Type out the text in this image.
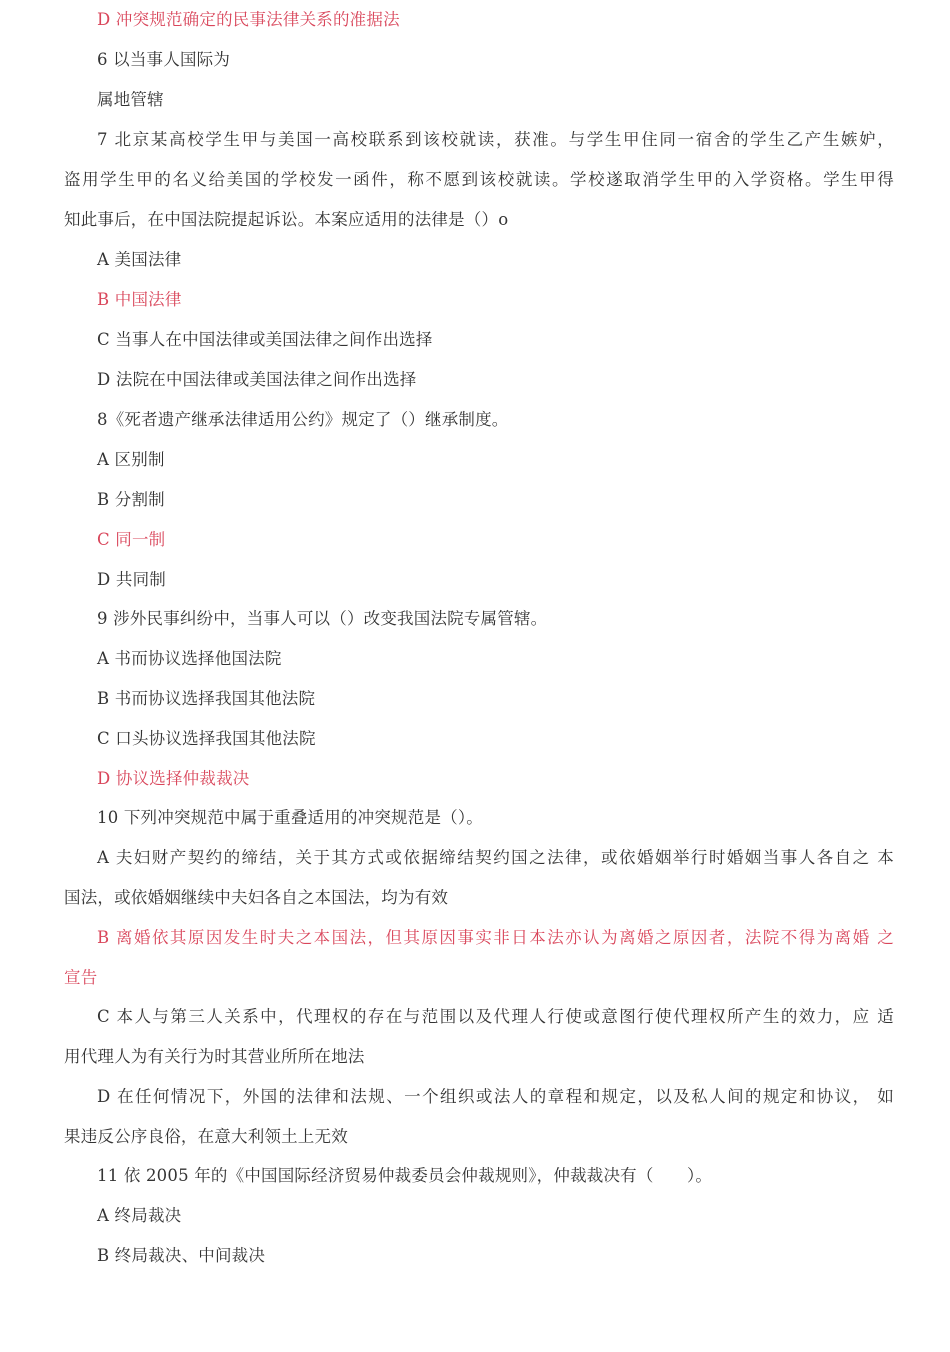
D 冲突规范确定的民事法律关系的准据法
6 以当事人国际为
属地管辖
7 北京某高校学生甲与美国一高校联系到该校就读，获准。与学生甲住同一宿舍的学生乙产生嫉妒，
盗用学生甲的名义给美国的学校发一函件，称不愿到该校就读。学校遂取消学生甲的入学资格。学生甲得
知此事后，在中国法院提起诉讼。本案应适用的法律是（）o
A 美国法律
B 中国法律
C 当事人在中国法律或美国法律之间作出选择
D 法院在中国法律或美国法律之间作出选择
8《死者遗产继承法律适用公约》规定了（）继承制度。
A 区别制
B 分割制
C 同一制
D 共同制
9 涉外民事纠纷中，当事人可以（）改变我国法院专属管辖。
A 书而协议选择他国法院
B 书而协议选择我国其他法院
C 口头协议选择我国其他法院
D 协议选择仲裁裁决
10 下列冲突规范中属于重叠适用的冲突规范是（）。
A 夫妇财产契约的缔结，关于其方式或依据缔结契约国之法律，或依婚姻举行时婚姻当事人各自之 本
国法，或依婚姻继续中夫妇各自之本国法，均为有效
B 离婚依其原因发生时夫之本国法，但其原因事实非日本法亦认为离婚之原因者，法院不得为离婚 之
宣告
C 本人与第三人关系中，代理权的存在与范围以及代理人行使或意图行使代理权所产生的效力，应 适
用代理人为有关行为时其营业所所在地法
D 在任何情况下，外国的法律和法规、一个组织或法人的章程和规定，以及私人间的规定和协议， 如
果违反公序良俗，在意大利领土上无效
11 依 2005 年的《中国国际经济贸易仲裁委员会仲裁规则》，仲裁裁决有（　　）。
A 终局裁决
B 终局裁决、中间裁决
